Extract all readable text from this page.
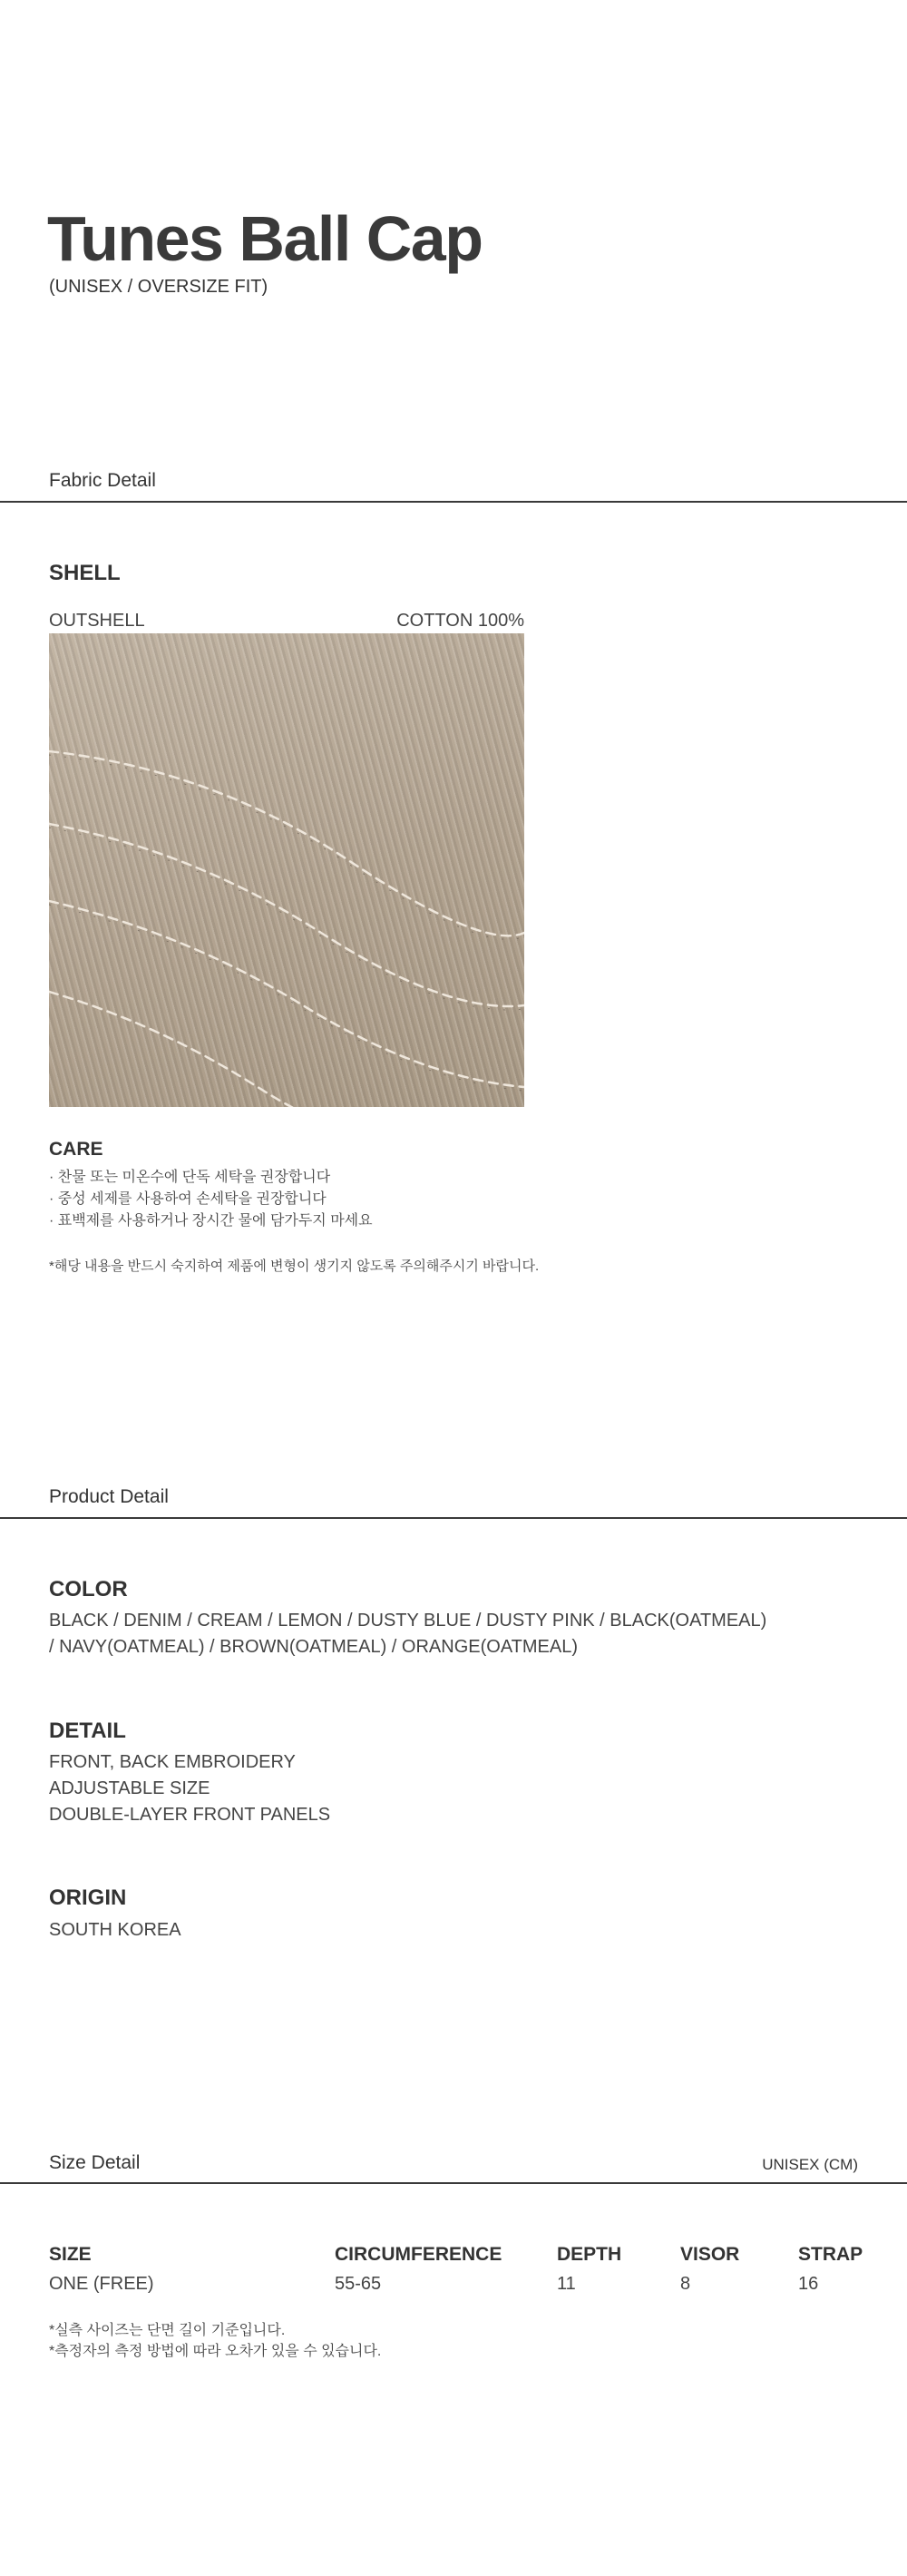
Tunes Ball Cap
(UNISEX / OVERSIZE FIT)
Fabric Detail
SHELL
OUTSHELL	COTTON 100%
CARE
· 찬물 또는 미온수에 단독 세탁을 권장합니다
· 중성 세제를 사용하여 손세탁을 권장합니다
· 표백제를 사용하거나 장시간 물에 담가두지 마세요
*해당 내용을 반드시 숙지하여 제품에 변형이 생기지 않도록 주의해주시기 바랍니다.
Product Detail
COLOR
BLACK / DENIM / CREAM / LEMON / DUSTY BLUE / DUSTY PINK / BLACK(OATMEAL)
/ NAVY(OATMEAL) / BROWN(OATMEAL) / ORANGE(OATMEAL)
DETAIL
FRONT, BACK EMBROIDERY
ADJUSTABLE SIZE
DOUBLE-LAYER FRONT PANELS
ORIGIN
SOUTH KOREA
Size Detail	UNISEX (CM)
SIZE	CIRCUMFERENCE	DEPTH	VISOR	STRAP
ONE (FREE)	55-65	11	8	16
*실측 사이즈는 단면 길이 기준입니다.
*측정자의 측정 방법에 따라 오차가 있을 수 있습니다.
